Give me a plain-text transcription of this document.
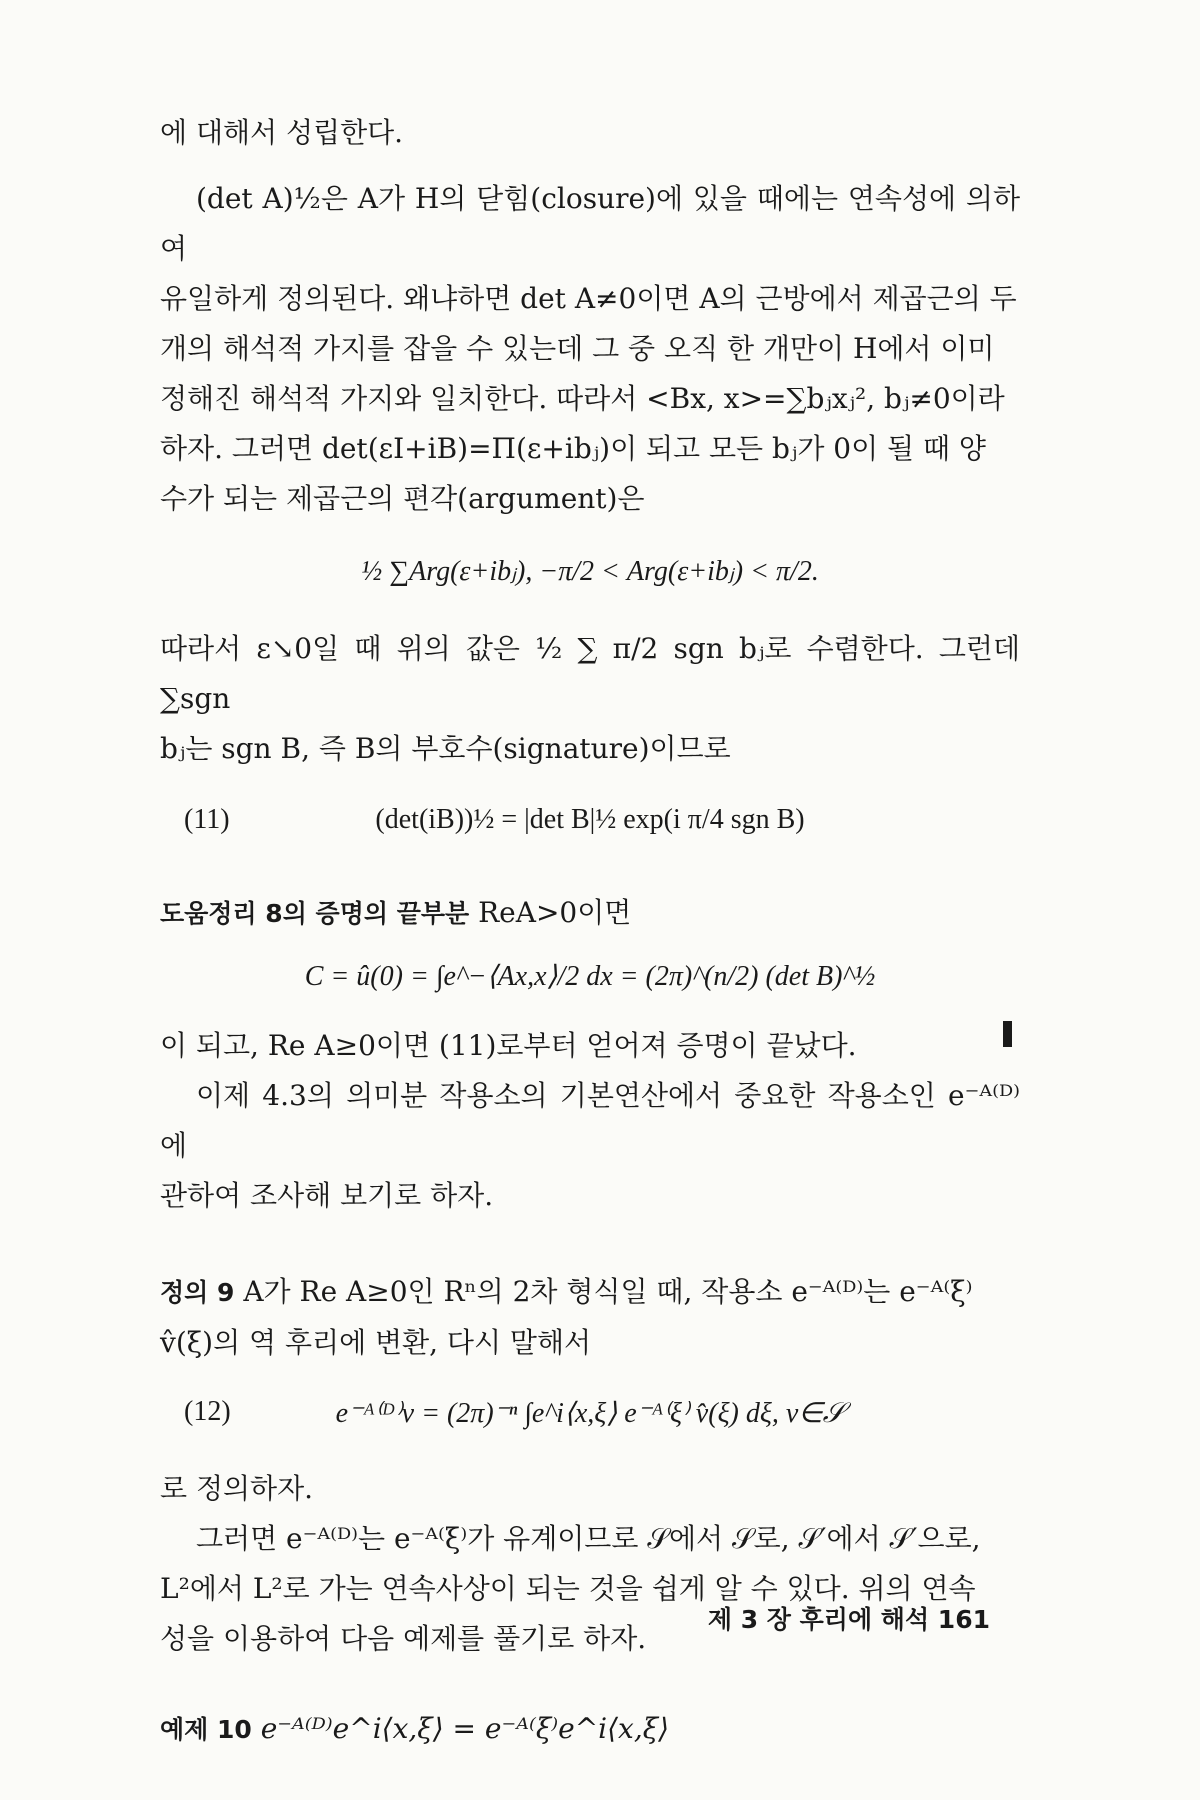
에 대해서 성립한다.

(det A)½은 A가 H의 닫힘(closure)에 있을 때에는 연속성에 의하여

유일하게 정의된다. 왜냐하면 det A≠0이면 A의 근방에서 제곱근의 두

개의 해석적 가지를 잡을 수 있는데 그 중 오직 한 개만이 H에서 이미

정해진 해석적 가지와 일치한다. 따라서 <Bx, x>=∑bⱼxⱼ², bⱼ≠0이라

하자. 그러면 det(εI+iB)=Π(ε+ibⱼ)이 되고 모든 bⱼ가 0이 될 때 양

수가 되는 제곱근의 편각(argument)은

½ ∑Arg(ε+ibⱼ), −π/2 < Arg(ε+ibⱼ) < π/2.

따라서 ε↘0일 때 위의 값은 ½ ∑ π/2 sgn bⱼ로 수렴한다. 그런데 ∑sgn

bⱼ는 sgn B, 즉 B의 부호수(signature)이므로

(11)	(det(iB))½ = |det B|½ exp(i π/4 sgn B)

도움정리 8의 증명의 끝부분 ReA>0이면

C = û(0) = ∫e^−⟨Ax,x⟩/2 dx = (2π)^(n/2) (det B)^½

이 되고, Re A≥0이면 (11)로부터 얻어져 증명이 끝났다.

이제 4.3의 의미분 작용소의 기본연산에서 중요한 작용소인 e⁻ᴬ⁽ᴰ⁾에

관하여 조사해 보기로 하자.

정의 9 A가 Re A≥0인 Rⁿ의 2차 형식일 때, 작용소 e⁻ᴬ⁽ᴰ⁾는 e⁻ᴬ⁽ξ⁾

v̂(ξ)의 역 후리에 변환, 다시 말해서

(12)	e⁻ᴬ⁽ᴰ⁾v = (2π)⁻ⁿ ∫e^i⟨x,ξ⟩ e⁻ᴬ⁽ξ⁾ v̂(ξ) dξ, v∈𝒮

로 정의하자.

그러면 e⁻ᴬ⁽ᴰ⁾는 e⁻ᴬ⁽ξ⁾가 유계이므로 𝒮에서 𝒮로, 𝒮′에서 𝒮′으로,

L²에서 L²로 가는 연속사상이 되는 것을 쉽게 알 수 있다. 위의 연속

성을 이용하여 다음 예제를 풀기로 하자.

예제 10 e⁻ᴬ⁽ᴰ⁾e^i⟨x,ξ⟩ = e⁻ᴬ⁽ξ⁾e^i⟨x,ξ⟩

제 3 장 후리에 해석 161
